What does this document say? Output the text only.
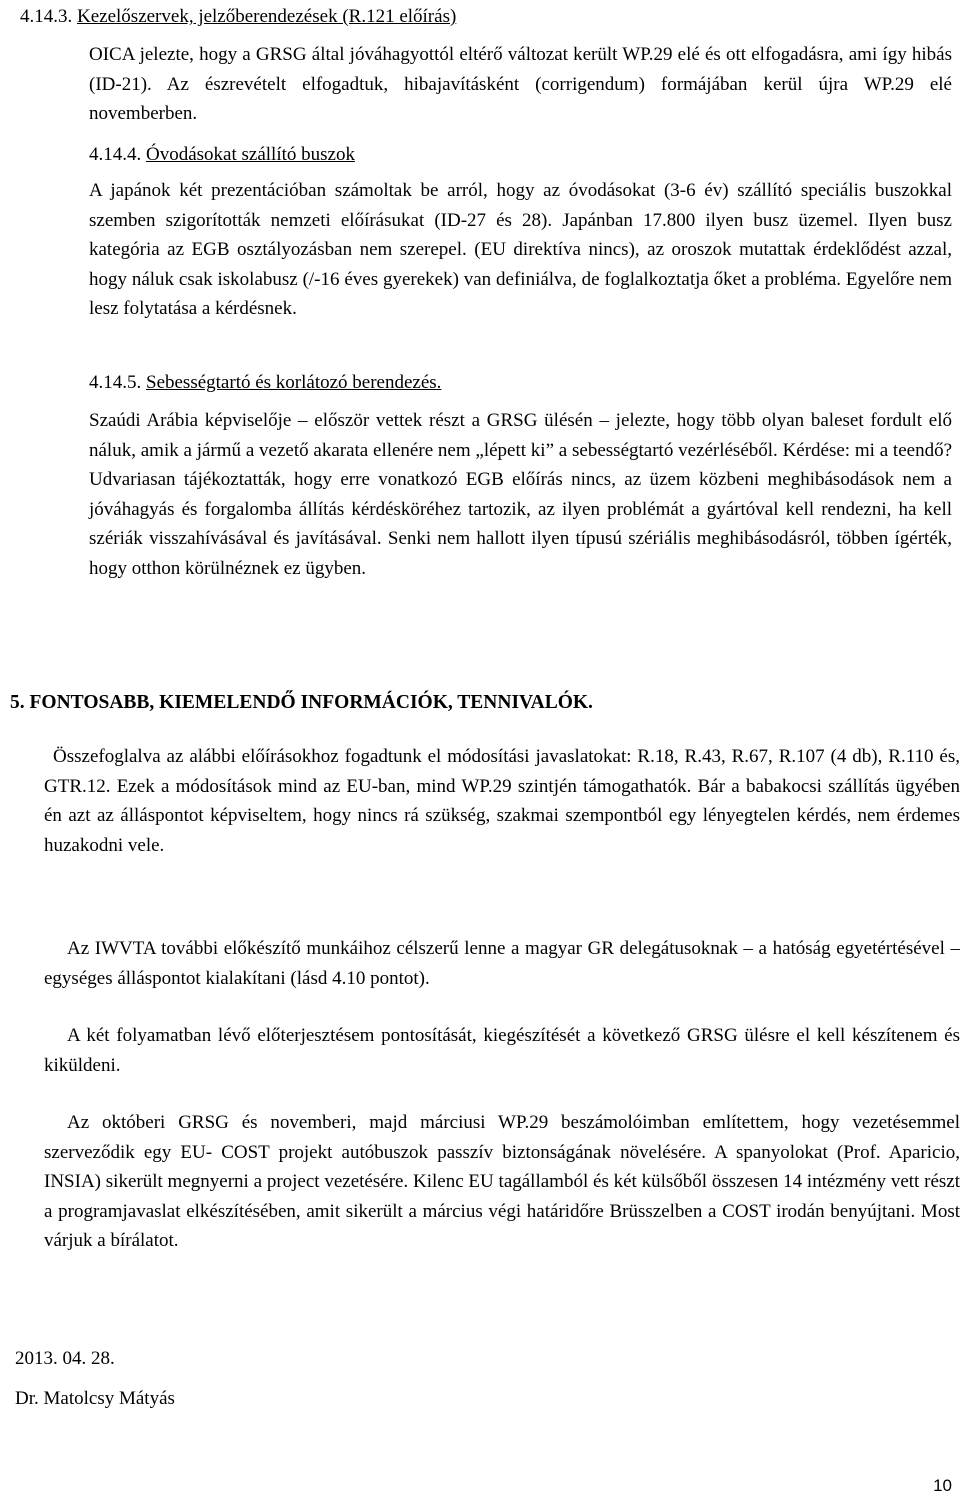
4.14.3. Kezelőszervek, jelzőberendezések (R.121 előírás)

OICA jelezte, hogy a GRSG által jóváhagyottól eltérő változat került WP.29 elé és ott elfogadásra, ami így hibás (ID-21). Az észrevételt elfogadtuk, hibajavításként (corrigendum) formájában kerül újra WP.29 elé novemberben.

4.14.4. Óvodásokat szállító buszok

A japánok két prezentációban számoltak be arról, hogy az óvodásokat (3-6 év) szállító speciális buszokkal szemben szigorították nemzeti előírásukat (ID-27 és 28). Japánban 17.800 ilyen busz üzemel. Ilyen busz kategória az EGB osztályozásban nem szerepel. (EU direktíva nincs), az oroszok mutattak érdeklődést azzal, hogy náluk csak iskolabusz (/-16 éves gyerekek) van definiálva, de foglalkoztatja őket a probléma. Egyelőre nem lesz folytatása a kérdésnek.

4.14.5. Sebességtartó és korlátozó berendezés.

Szaúdi Arábia képviselője – először vettek részt a GRSG ülésén – jelezte, hogy több olyan baleset fordult elő náluk, amik a jármű a vezető akarata ellenére nem „lépett ki” a sebességtartó vezérléséből. Kérdése: mi a teendő? Udvariasan tájékoztatták, hogy erre vonatkozó EGB előírás nincs, az üzem közbeni meghibásodások nem a jóváhagyás és forgalomba állítás kérdésköréhez tartozik, az ilyen problémát a gyártóval kell rendezni, ha kell szériák visszahívásával és javításával. Senki nem hallott ilyen típusú szériális meghibásodásról, többen ígérték, hogy otthon körülnéznek ez ügyben.

5. FONTOSABB, KIEMELENDŐ INFORMÁCIÓK, TENNIVALÓK.
Összefoglalva az alábbi előírásokhoz fogadtunk el módosítási javaslatokat: R.18, R.43, R.67, R.107 (4 db), R.110 és, GTR.12. Ezek a módosítások mind az EU-ban, mind WP.29 szintjén támogathatók. Bár a babakocsi szállítás ügyében én azt az álláspontot képviseltem, hogy nincs rá szükség, szakmai szempontból egy lényegtelen kérdés, nem érdemes huzakodni vele.
Az IWVTA további előkészítő munkáihoz célszerű lenne a magyar GR delegátusoknak – a hatóság egyetértésével – egységes álláspontot kialakítani (lásd 4.10 pontot).
A két folyamatban lévő előterjesztésem pontosítását, kiegészítését a következő GRSG ülésre el kell készítenem és kiküldeni.
Az októberi GRSG és novemberi, majd márciusi WP.29 beszámolóimban említettem, hogy vezetésemmel szerveződik egy EU- COST projekt autóbuszok passzív biztonságának növelésére. A spanyolokat (Prof. Aparicio, INSIA) sikerült megnyerni a project vezetésére. Kilenc EU tagállamból és két külsőből összesen 14 intézmény vett részt a programjavaslat elkészítésében, amit sikerült a március végi határidőre Brüsszelben a COST irodán benyújtani. Most várjuk a bírálatot.
2013. 04. 28.
Dr. Matolcsy Mátyás
10
